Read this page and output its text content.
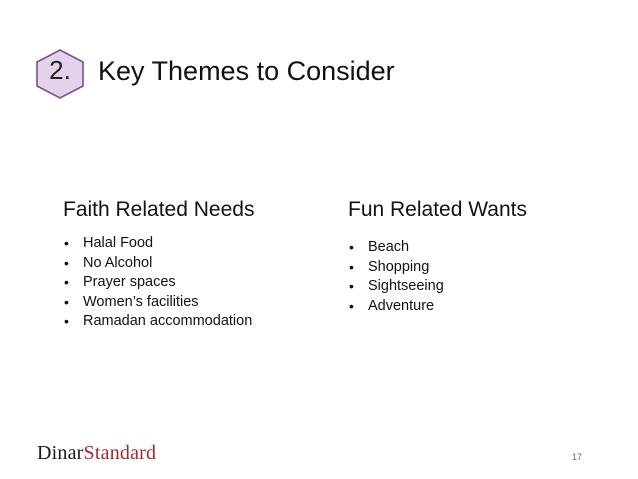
2.	Key Themes to Consider
Faith Related Needs
• Halal Food
• No Alcohol
• Prayer spaces
• Women’s facilities
• Ramadan accommodation
Fun Related Wants
• Beach
• Shopping
• Sightseeing
• Adventure
DinarStandard	17
